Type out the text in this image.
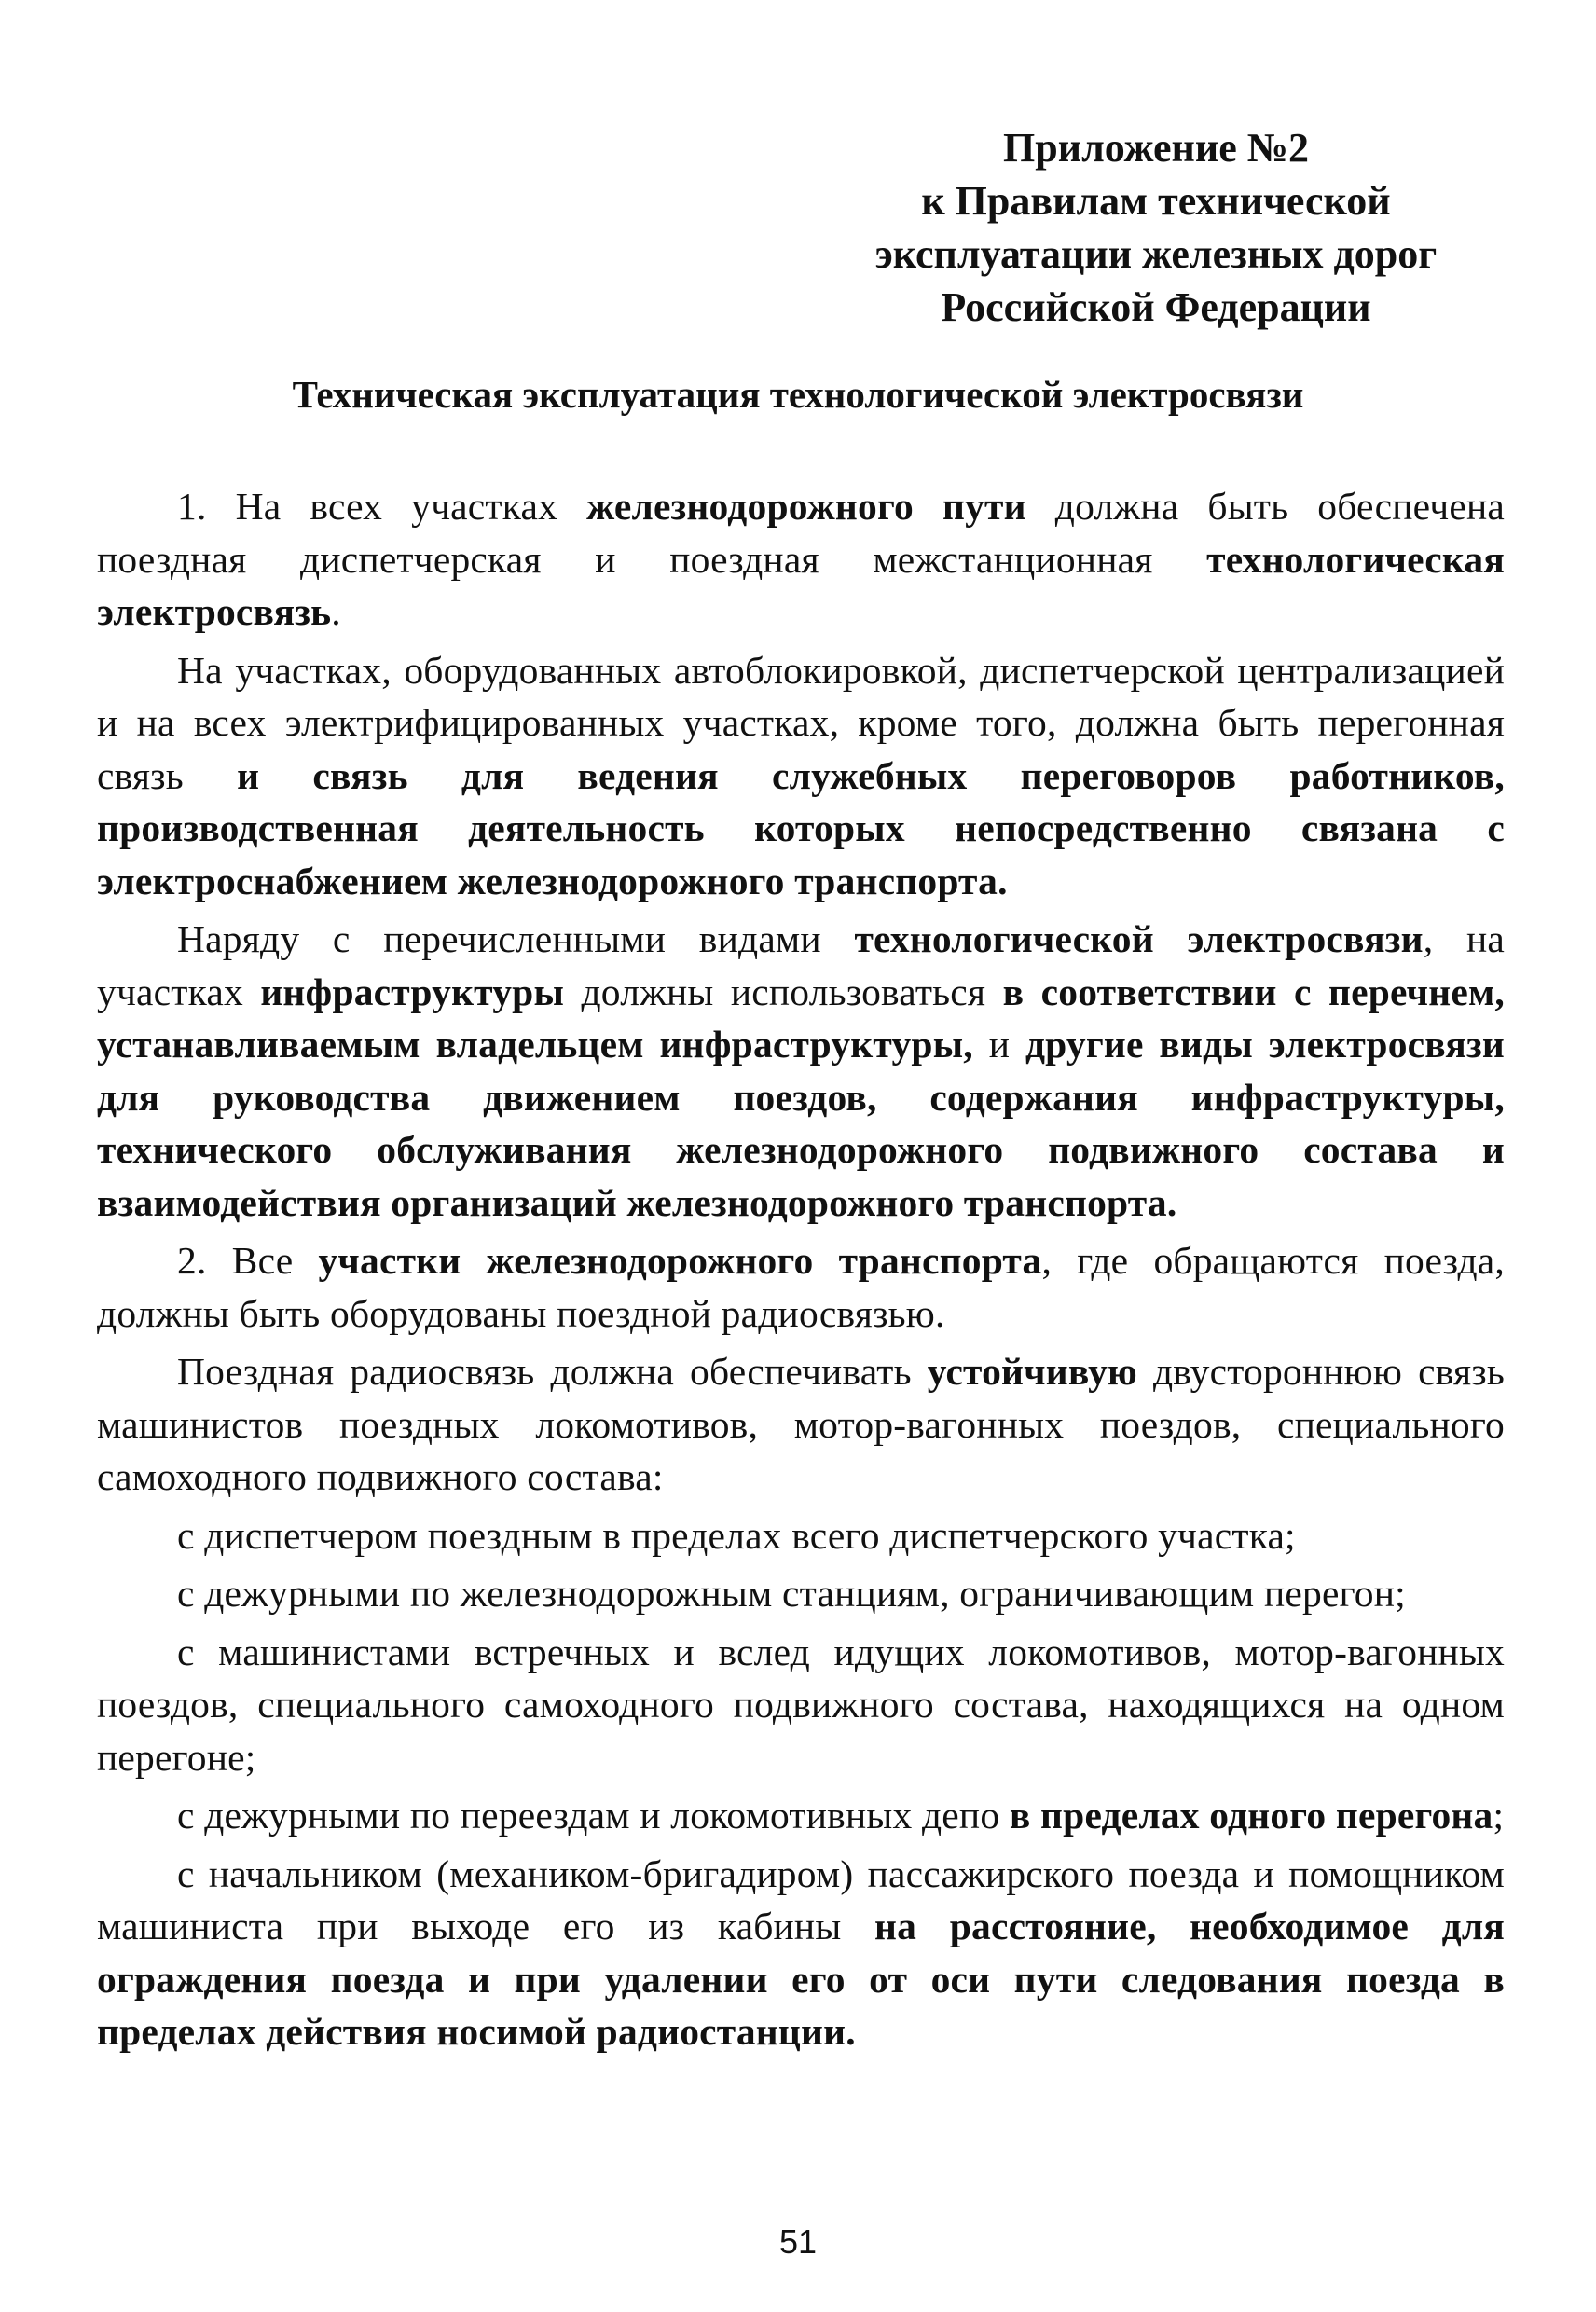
Приложение №2
к Правилам технической
эксплуатации железных дорог
Российской Федерации
Техническая эксплуатация технологической электросвязи

1. На всех участках железнодорожного пути должна быть обеспечена поездная диспетчерская и поездная межстанционная технологическая электросвязь.

На участках, оборудованных автоблокировкой, диспетчерской централизацией и на всех электрифицированных участках, кроме того, должна быть перегонная связь и связь для ведения служебных переговоров работников, производственная деятельность которых непосредственно связана с электроснабжением железнодорожного транспорта.

Наряду с перечисленными видами технологической электросвязи, на участках инфраструктуры должны использоваться в соответствии с перечнем, устанавливаемым владельцем инфраструктуры, и другие виды электросвязи для руководства движением поездов, содержания инфраструктуры, технического обслуживания железнодорожного подвижного состава и взаимодействия организаций железнодорожного транспорта.

2. Все участки железнодорожного транспорта, где обращаются поезда, должны быть оборудованы поездной радиосвязью.

Поездная радиосвязь должна обеспечивать устойчивую двустороннюю связь машинистов поездных локомотивов, мотор-вагонных поездов, специального самоходного подвижного состава:

с диспетчером поездным в пределах всего диспетчерского участка;

с дежурными по железнодорожным станциям, ограничивающим перегон;

с машинистами встречных и вслед идущих локомотивов, мотор-вагонных поездов, специального самоходного подвижного состава, находящихся на одном перегоне;

с дежурными по переездам и локомотивных депо в пределах одного перегона;

с начальником (механиком-бригадиром) пассажирского поезда и помощником машиниста при выходе его из кабины на расстояние, необходимое для ограждения поезда и при удалении его от оси пути следования поезда в пределах действия носимой радиостанции.

51
